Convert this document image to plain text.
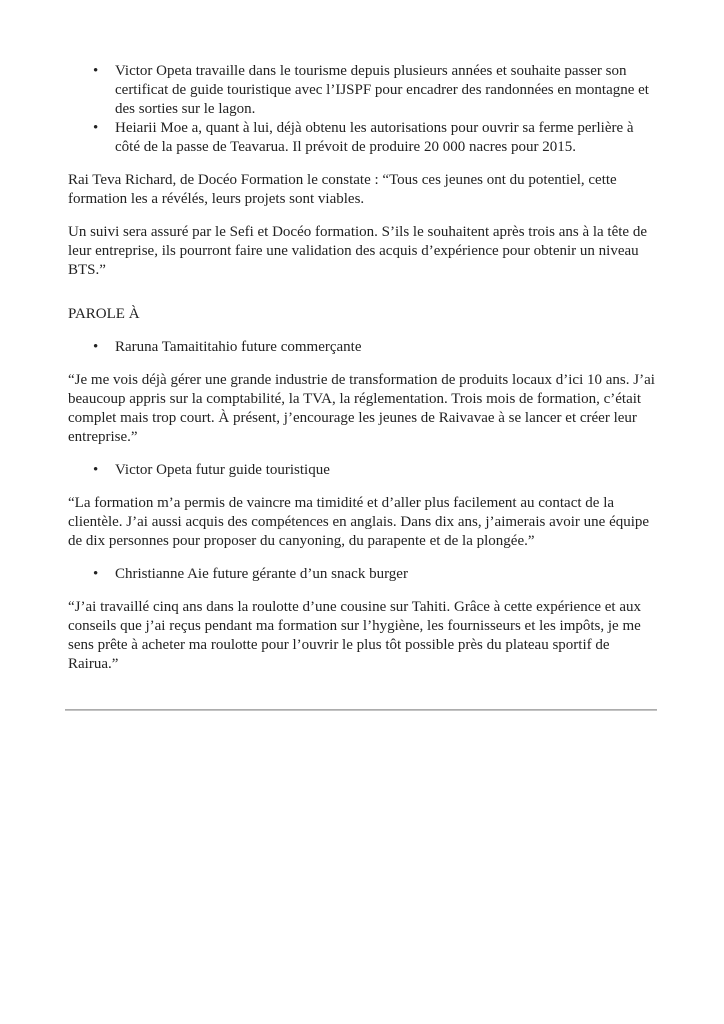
• Victor Opeta travaille dans le tourisme depuis plusieurs années et souhaite passer son certificat de guide touristique avec l’IJSPF pour encadrer des randonnées en montagne et des sorties sur le lagon.
• Heiarii Moe a, quant à lui, déjà obtenu les autorisations pour ouvrir sa ferme perlière à côté de la passe de Teavarua. Il prévoit de produire 20 000 nacres pour 2015.

Rai Teva Richard, de Docéo Formation le constate : “Tous ces jeunes ont du potentiel, cette formation les a révélés, leurs projets sont viables.

Un suivi sera assuré par le Sefi et Docéo formation. S’ils le souhaitent après trois ans à la tête de leur entreprise, ils pourront faire une validation des acquis d’expérience pour obtenir un niveau BTS.”

PAROLE À

• Raruna Tamaititahio future commerçante

“Je me vois déjà gérer une grande industrie de transformation de produits locaux d’ici 10 ans. J’ai beaucoup appris sur la comptabilité, la TVA, la réglementation. Trois mois de formation, c’était complet mais trop court. À présent, j’encourage les jeunes de Raivavae à se lancer et créer leur entreprise.”

• Victor Opeta futur guide touristique

“La formation m’a permis de vaincre ma timidité et d’aller plus facilement au contact de la clientèle. J’ai aussi acquis des compétences en anglais. Dans dix ans, j’aimerais avoir une équipe de dix personnes pour proposer du canyoning, du parapente et de la plongée.”

• Christianne Aie future gérante d’un snack burger

“J’ai travaillé cinq ans dans la roulotte d’une cousine sur Tahiti. Grâce à cette expérience et aux conseils que j’ai reçus pendant ma formation sur l’hygiène, les fournisseurs et les impôts, je me sens prête à acheter ma roulotte pour l’ouvrir le plus tôt possible près du plateau sportif de Rairua.”
